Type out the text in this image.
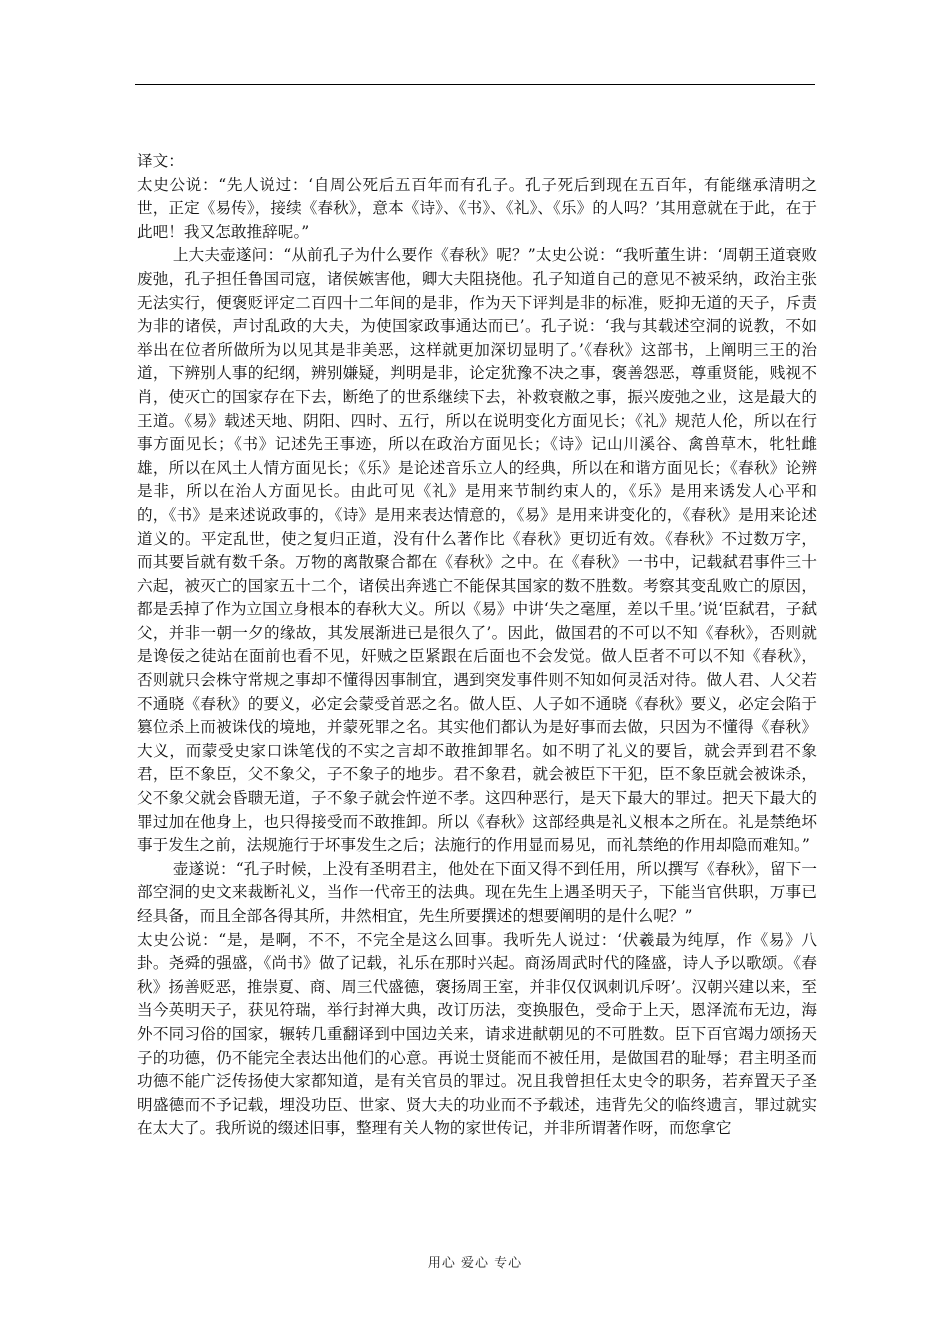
译文：

太史公说：“先人说过：‘自周公死后五百年而有孔子。孔子死后到现在五百年，有能继承清明之世，正定《易传》，接续《春秋》，意本《诗》、《书》、《礼》、《乐》的人吗？’其用意就在于此，在于此吧！我又怎敢推辞呢。”

上大夫壶遂问：“从前孔子为什么要作《春秋》呢？”太史公说：“我听董生讲：‘周朝王道衰败废弛，孔子担任鲁国司寇，诸侯嫉害他，卿大夫阻挠他。孔子知道自己的意见不被采纳，政治主张无法实行，便褒贬评定二百四十二年间的是非，作为天下评判是非的标准，贬抑无道的天子，斥责为非的诸侯，声讨乱政的大夫，为使国家政事通达而已’。孔子说：‘我与其载述空洞的说教，不如举出在位者所做所为以见其是非美恶，这样就更加深切显明了。’《春秋》这部书，上阐明三王的治道，下辨别人事的纪纲，辨别嫌疑，判明是非，论定犹豫不决之事，褒善怨恶，尊重贤能，贱视不肖，使灭亡的国家存在下去，断绝了的世系继续下去，补救衰敝之事，振兴废弛之业，这是最大的王道。《易》载述天地、阴阳、四时、五行，所以在说明变化方面见长；《礼》规范人伦，所以在行事方面见长；《书》记述先王事迹，所以在政治方面见长；《诗》记山川溪谷、禽兽草木，牝牡雌雄，所以在风土人情方面见长；《乐》是论述音乐立人的经典，所以在和谐方面见长；《春秋》论辨是非，所以在治人方面见长。由此可见《礼》是用来节制约束人的，《乐》是用来诱发人心平和的，《书》是来述说政事的，《诗》是用来表达情意的，《易》是用来讲变化的，《春秋》是用来论述道义的。平定乱世，使之复归正道，没有什么著作比《春秋》更切近有效。《春秋》不过数万字，而其要旨就有数千条。万物的离散聚合都在《春秋》之中。在《春秋》一书中，记载弑君事件三十六起，被灭亡的国家五十二个，诸侯出奔逃亡不能保其国家的数不胜数。考察其变乱败亡的原因，都是丢掉了作为立国立身根本的春秋大义。所以《易》中讲‘失之毫厘，差以千里。’说‘臣弑君，子弑父，并非一朝一夕的缘故，其发展渐进已是很久了’。因此，做国君的不可以不知《春秋》，否则就是谗佞之徒站在面前也看不见，奸贼之臣紧跟在后面也不会发觉。做人臣者不可以不知《春秋》，否则就只会株守常规之事却不懂得因事制宜，遇到突发事件则不知如何灵活对待。做人君、人父若不通晓《春秋》的要义，必定会蒙受首恶之名。做人臣、人子如不通晓《春秋》要义，必定会陷于篡位杀上而被诛伐的境地，并蒙死罪之名。其实他们都认为是好事而去做，只因为不懂得《春秋》大义，而蒙受史家口诛笔伐的不实之言却不敢推卸罪名。如不明了礼义的要旨，就会弄到君不象君，臣不象臣，父不象父，子不象子的地步。君不象君，就会被臣下干犯，臣不象臣就会被诛杀，父不象父就会昏聩无道，子不象子就会忤逆不孝。这四种恶行，是天下最大的罪过。把天下最大的罪过加在他身上，也只得接受而不敢推卸。所以《春秋》这部经典是礼义根本之所在。礼是禁绝坏事于发生之前，法规施行于坏事发生之后；法施行的作用显而易见，而礼禁绝的作用却隐而难知。”

壶遂说：“孔子时候，上没有圣明君主，他处在下面又得不到任用，所以撰写《春秋》，留下一部空洞的史文来裁断礼义，当作一代帝王的法典。现在先生上遇圣明天子，下能当官供职，万事已经具备，而且全部各得其所，井然相宜，先生所要撰述的想要阐明的是什么呢？”

太史公说：“是，是啊，不不，不完全是这么回事。我听先人说过：‘伏羲最为纯厚，作《易》八卦。尧舜的强盛，《尚书》做了记载，礼乐在那时兴起。商汤周武时代的隆盛，诗人予以歌颂。《春秋》扬善贬恶，推崇夏、商、周三代盛德，褒扬周王室，并非仅仅讽刺讥斥呀’。汉朝兴建以来，至当今英明天子，获见符瑞，举行封禅大典，改订历法，变换服色，受命于上天，恩泽流布无边，海外不同习俗的国家，辗转几重翻译到中国边关来，请求进献朝见的不可胜数。臣下百官竭力颂扬天子的功德，仍不能完全表达出他们的心意。再说士贤能而不被任用，是做国君的耻辱；君主明圣而功德不能广泛传扬使大家都知道，是有关官员的罪过。况且我曾担任太史令的职务，若弃置天子圣明盛德而不予记载，埋没功臣、世家、贤大夫的功业而不予载述，违背先父的临终遗言，罪过就实在太大了。我所说的缀述旧事，整理有关人物的家世传记，并非所谓著作呀，而您拿它

用心 爱心 专心
